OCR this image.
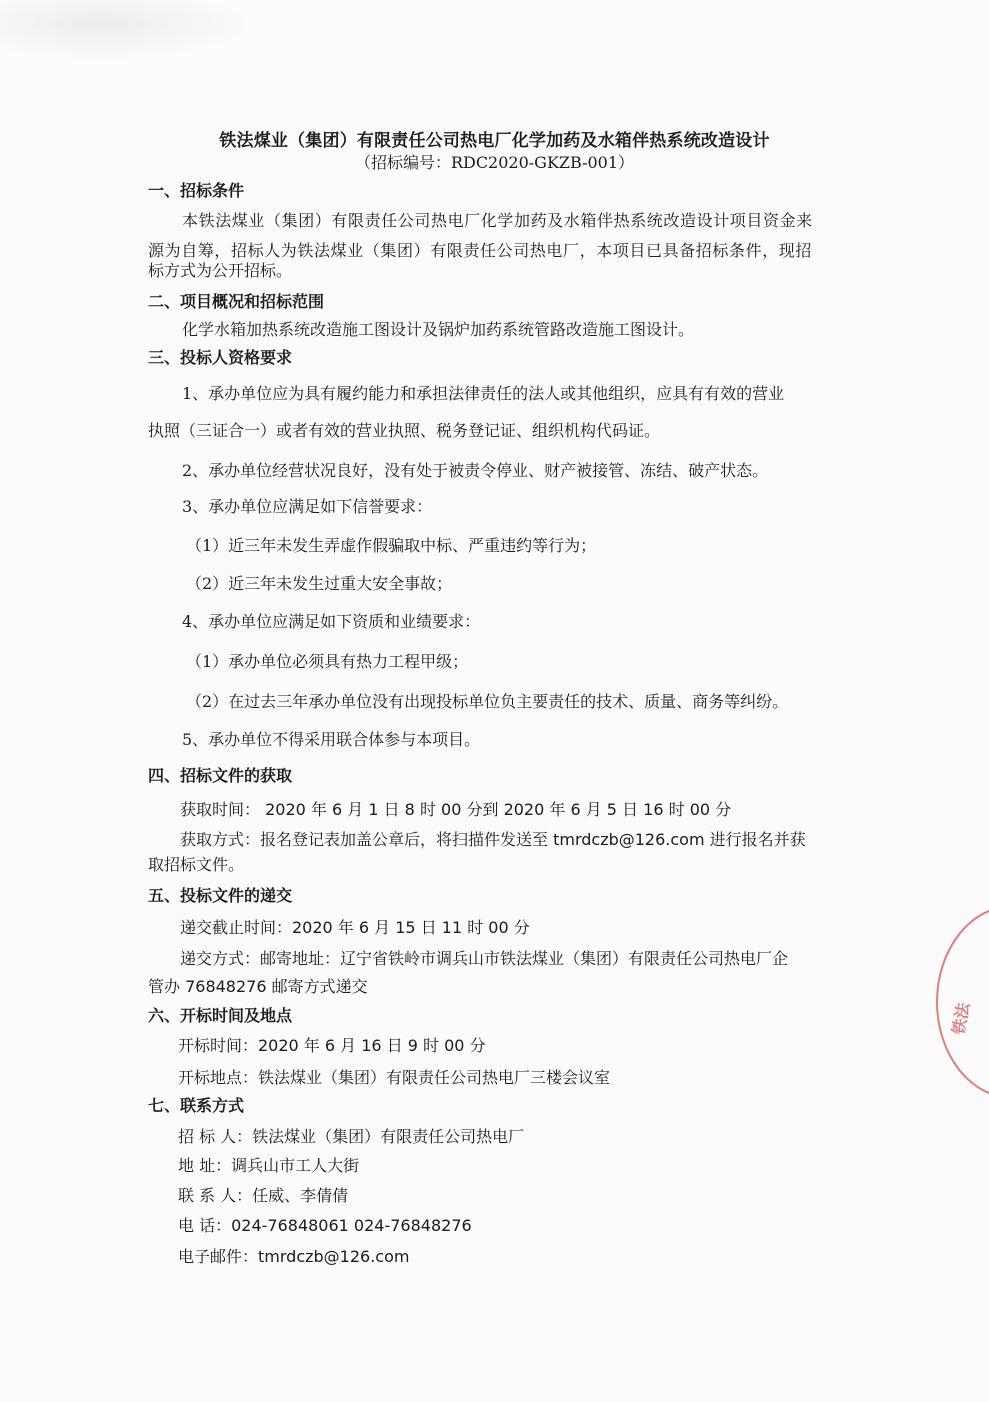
铁法煤业（集团）有限责任公司热电厂化学加药及水箱伴热系统改造设计
（招标编号：RDC2020-GKZB-001）
一、招标条件
本铁法煤业（集团）有限责任公司热电厂化学加药及水箱伴热系统改造设计项目资金来
源为自筹，招标人为铁法煤业（集团）有限责任公司热电厂，本项目已具备招标条件，现招
标方式为公开招标。
二、项目概况和招标范围
化学水箱加热系统改造施工图设计及锅炉加药系统管路改造施工图设计。
三、投标人资格要求
1、承办单位应为具有履约能力和承担法律责任的法人或其他组织，应具有有效的营业
执照（三证合一）或者有效的营业执照、税务登记证、组织机构代码证。
2、承办单位经营状况良好，没有处于被责令停业、财产被接管、冻结、破产状态。
3、承办单位应满足如下信誉要求：
（1）近三年未发生弄虚作假骗取中标、严重违约等行为；
（2）近三年未发生过重大安全事故；
4、承办单位应满足如下资质和业绩要求：
（1）承办单位必须具有热力工程甲级；
（2）在过去三年承办单位没有出现投标单位负主要责任的技术、质量、商务等纠纷。
5、承办单位不得采用联合体参与本项目。
四、招标文件的获取
获取时间： 2020 年 6 月 1 日 8 时 00 分到 2020 年 6 月 5 日 16 时 00 分
获取方式：报名登记表加盖公章后，将扫描件发送至 tmrdczb@126.com 进行报名并获
取招标文件。
五、投标文件的递交
递交截止时间：2020 年 6 月 15 日 11 时 00 分
递交方式：邮寄地址：辽宁省铁岭市调兵山市铁法煤业（集团）有限责任公司热电厂企
管办 76848276 邮寄方式递交
六、开标时间及地点
开标时间：2020 年 6 月 16 日 9 时 00 分
开标地点：铁法煤业（集团）有限责任公司热电厂三楼会议室
七、联系方式
招 标 人：铁法煤业（集团）有限责任公司热电厂
地 址：调兵山市工人大街
联 系 人：任威、李倩倩
电 话：024-76848061 024-76848276
电子邮件：tmrdczb@126.com
铁法
